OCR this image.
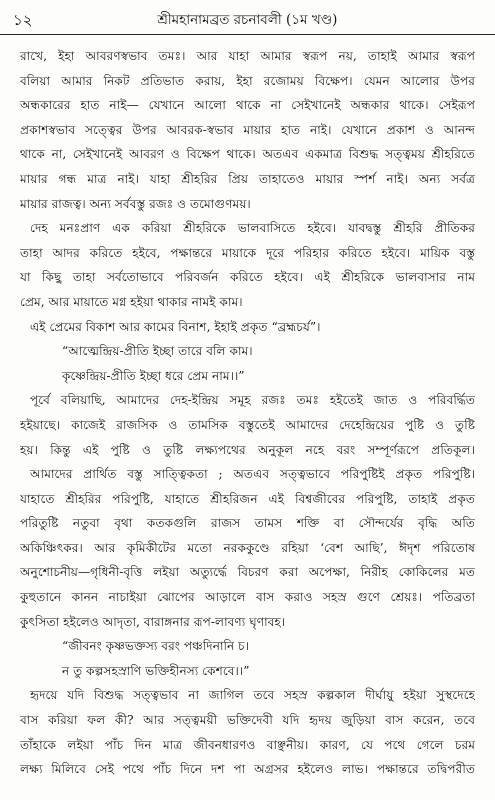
১২	শ্রীমহানামব্রত রচনাবলী (১ম খণ্ড)
রাখে, ইহা আবরণস্বভাব তমঃ। আর যাহা আমার স্বরূপ নয়, তাহাই আমার স্বরূপ
বলিয়া আমার নিকট প্রতিভাত করায়, ইহা রজোময় বিক্ষেপ। যেমন আলোর উপর
অন্ধকারের হাত নাই— যেখানে আলো থাকে না সেইখানেই অন্ধকার থাকে। সেইরূপ
প্রকাশস্বভাব সত্ত্বের উপর আবরক-স্বভাব মায়ার হাত নাই। যেখানে প্রকাশ ও আনন্দ
থাকে না, সেইখানেই আবরণ ও বিক্ষেপ থাকে। অতএব একমাত্র বিশুদ্ধ সত্ত্বময় শ্রীহরিতে
মায়ার গন্ধ মাত্র নাই। যাহা শ্রীহরির প্রিয় তাহাতেও মায়ার স্পর্শ নাই। অন্য সর্বত্র
মায়ার রাজত্ব। অন্য সর্ববস্তু রজঃ ও তমোগুণময়।
দেহ মনঃপ্রাণ এক করিয়া শ্রীহরিকে ভালবাসিতে হইবে। যাবদ্বস্তু শ্রীহরি প্রীতিকর
তাহা আদর করিতে হইবে, পক্ষান্তরে মায়াকে দূরে পরিহার করিতে হইবে। মায়িক বস্তু
যা কিছু তাহা সর্বতোভাবে পরিবর্জন করিতে হইবে। এই শ্রীহরিকে ভালবাসার নাম
প্রেম, আর মায়াতে মগ্ন হইয়া থাকার নামই কাম।
এই প্রেমের বিকাশ আর কামের বিনাশ, ইহাই প্রকৃত “ব্রহ্মচর্য”।
“আত্মেন্দ্রিয়-প্রীতি ইচ্ছা তারে বলি কাম।
কৃষ্ণেন্দ্রিয়-প্রীতি ইচ্ছা ধরে প্রেম নাম।।”
পূর্বে বলিয়াছি, আমাদের দেহ-ইন্দ্রিয় সমূহ রজঃ তমঃ হইতেই জাত ও পরিবর্দ্ধিত
হইয়াছে। কাজেই রাজসিক ও তামসিক বস্তুতেই আমাদের দেহেন্দ্রিয়ের পুষ্টি ও তুষ্টি
হয়। কিন্তু এই পুষ্টি ও তুষ্টি লক্ষ্যপথের অনুকূল নহে বরং সম্পূর্ণরূপে প্রতিকূল।
আমাদের প্রার্থিত বস্তু সাত্ত্বিকতা ; অতএব সত্ত্বভাবে পরিপুষ্টিই প্রকৃত পরিপুষ্টি।
যাহাতে শ্রীহরির পরিপুষ্টি, যাহাতে শ্রীহরিজন এই বিশ্বজীবের পরিপুষ্টি, তাহাই প্রকৃত
পরিতুষ্টি নতুবা বৃথা কতকগুলি রাজস তামস শক্তি বা সৌন্দর্যের বৃদ্ধি অতি
অকিঞ্চিৎকর। আর কৃমিকীটের মতো নরককুণ্ডে রহিয়া ‘বেশ আছি’, ঈদৃশ পরিতোষ
অনুশোচনীয়—গৃধিনী-বৃত্তি লইয়া অত্যুর্দ্ধে বিচরণ করা অপেক্ষা, নিরীহ কোকিলের মত
কুহুতানে কানন নাচাইয়া ঝোপের আড়ালে বাস করাও সহস্র গুণে শ্রেয়ঃ। পতিব্রতা
কুৎসিতা হইলেও আদৃতা, বারাঙ্গনার রূপ-লাবণ্য ঘৃণাবহ।
“জীবনং কৃষ্ণভক্তস্য বরং পঞ্চদিনানি চ।
ন তু কল্পসহস্রাণি ভক্তিহীনস্য কেশবে।।”
হৃদয়ে যদি বিশুদ্ধ সত্ত্বভাব না জাগিল তবে সহস্র কল্পকাল দীর্ঘায়ু হইয়া সুস্থদেহে
বাস করিয়া ফল কী? আর সত্ত্বময়ী ভক্তিদেবী যদি হৃদয় জুড়িয়া বাস করেন, তবে
তাঁহাকে লইয়া পাঁচ দিন মাত্র জীবনধারণও বাঞ্ছনীয়। কারণ, যে পথে গেলে চরম
লক্ষ্য মিলিবে সেই পথে পাঁচ দিনে দশ পা অগ্রসর হইলেও লাভ। পক্ষান্তরে তদ্বিপরীত
